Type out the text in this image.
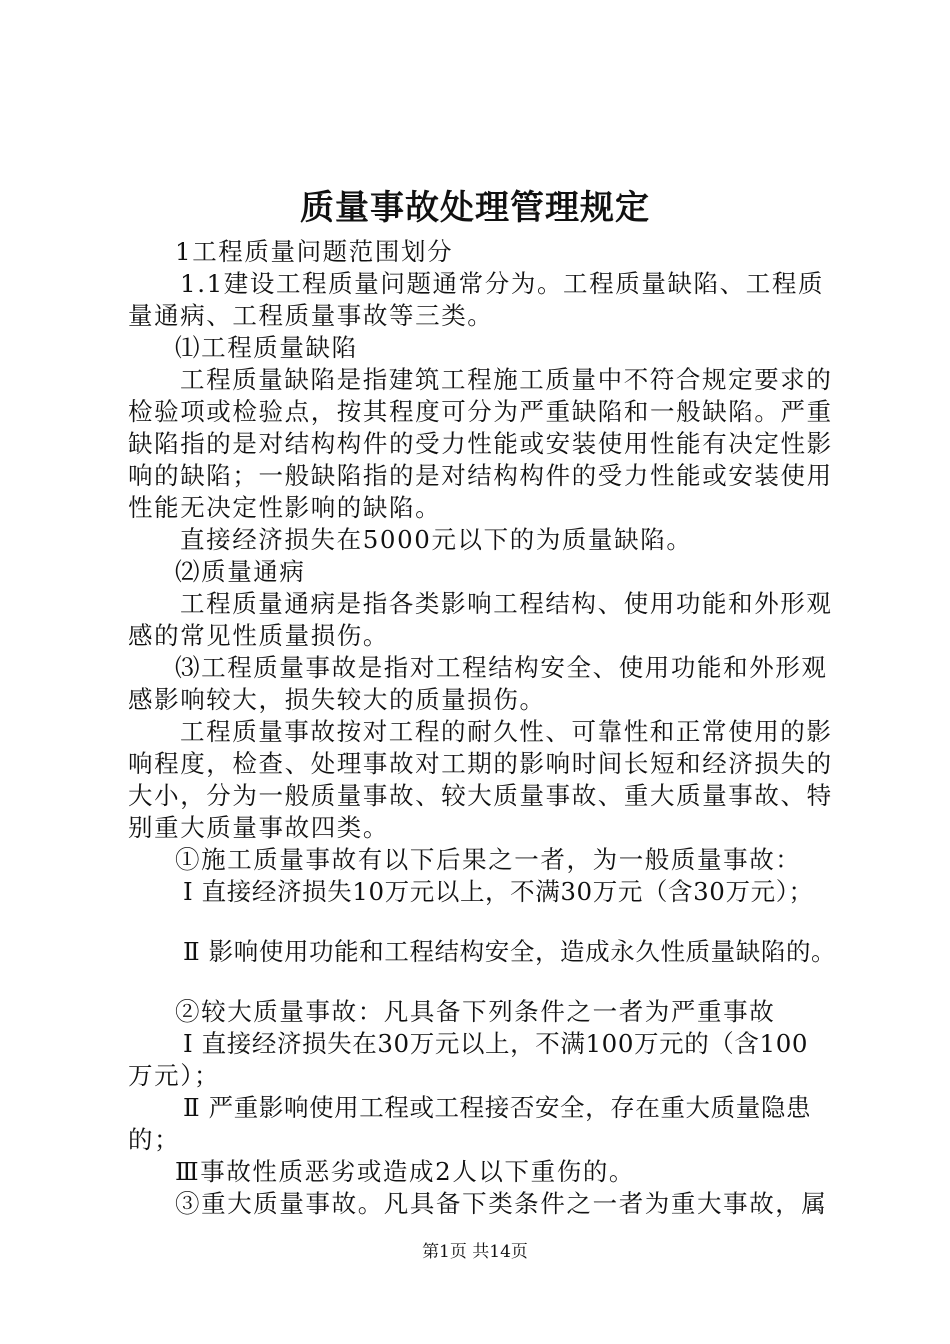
质量事故处理管理规定
1工程质量问题范围划分
1.1建设工程质量问题通常分为。工程质量缺陷、工程质
量通病、工程质量事故等三类。
⑴工程质量缺陷
工程质量缺陷是指建筑工程施工质量中不符合规定要求的
检验项或检验点，按其程度可分为严重缺陷和一般缺陷。严重
缺陷指的是对结构构件的受力性能或安装使用性能有决定性影
响的缺陷；一般缺陷指的是对结构构件的受力性能或安装使用
性能无决定性影响的缺陷。
直接经济损失在5000元以下的为质量缺陷。
⑵质量通病
工程质量通病是指各类影响工程结构、使用功能和外形观
感的常见性质量损伤。
⑶工程质量事故是指对工程结构安全、使用功能和外形观
感影响较大，损失较大的质量损伤。
工程质量事故按对工程的耐久性、可靠性和正常使用的影
响程度，检查、处理事故对工期的影响时间长短和经济损失的
大小，分为一般质量事故、较大质量事故、重大质量事故、特
别重大质量事故四类。
①施工质量事故有以下后果之一者，为一般质量事故：
Ⅰ 直接经济损失10万元以上，不满30万元（含30万元）；
Ⅱ 影响使用功能和工程结构安全，造成永久性质量缺陷的。
②较大质量事故：凡具备下列条件之一者为严重事故
Ⅰ 直接经济损失在30万元以上，不满100万元的（含100
万元）；
Ⅱ 严重影响使用工程或工程接否安全，存在重大质量隐患
的；
Ⅲ事故性质恶劣或造成2人以下重伤的。
③重大质量事故。凡具备下类条件之一者为重大事故，属
第1页 共14页
